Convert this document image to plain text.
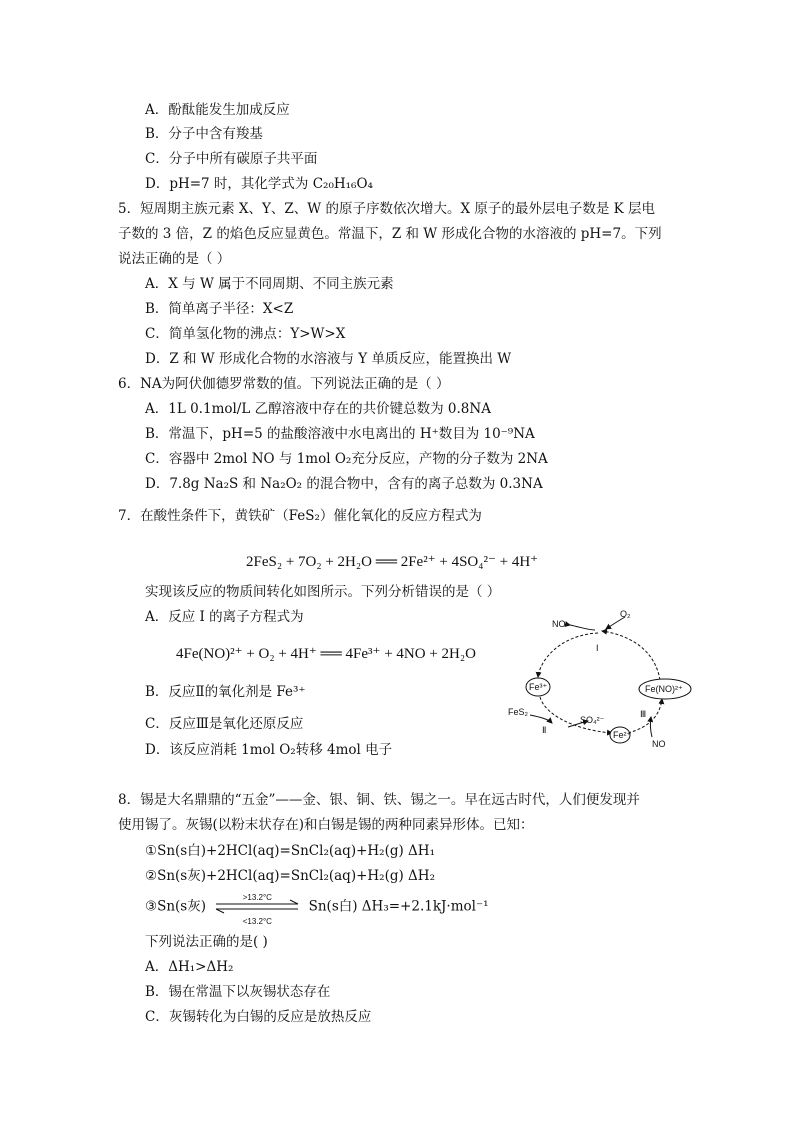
A．酚酞能发生加成反应
B．分子中含有羧基
C．分子中所有碳原子共平面
D．pH=7 时，其化学式为 C₂₀H₁₆O₄
5．短周期主族元素 X、Y、Z、W 的原子序数依次增大。X 原子的最外层电子数是 K 层电
子数的 3 倍，Z 的焰色反应显黄色。常温下，Z 和 W 形成化合物的水溶液的 pH=7。下列
说法正确的是（ ）
A．X 与 W 属于不同周期、不同主族元素
B．简单离子半径：X<Z
C．简单氢化物的沸点：Y>W>X
D．Z 和 W 形成化合物的水溶液与 Y 单质反应，能置换出 W
6．NA为阿伏伽德罗常数的值。下列说法正确的是（ ）
A．1L 0.1mol/L 乙醇溶液中存在的共价键总数为 0.8NA
B．常温下，pH=5 的盐酸溶液中水电离出的 H⁺数目为 10⁻⁹NA
C．容器中 2mol NO 与 1mol O₂充分反应，产物的分子数为 2NA
D．7.8g Na₂S 和 Na₂O₂ 的混合物中，含有的离子总数为 0.3NA
7．在酸性条件下，黄铁矿（FeS₂）催化氧化的反应方程式为
2FeS₂ + 7O₂ + 2H₂O ══ 2Fe²⁺ + 4SO₄²⁻ + 4H⁺
实现该反应的物质间转化如图所示。下列分析错误的是（ ）
A．反应 I 的离子方程式为
4Fe(NO)²⁺ + O₂ + 4H⁺ ══ 4Fe³⁺ + 4NO + 2H₂O
B．反应Ⅱ的氧化剂是 Fe³⁺
C．反应Ⅲ是氧化还原反应
D．该反应消耗 1mol O₂转移 4mol 电子
NO
O₂
I
Fe³⁺	Fe(NO)²⁺
FeS₂
SO₄²⁻
Fe²⁺
Ⅱ
Ⅲ
NO
8．锡是大名鼎鼎的“五金”——金、银、铜、铁、锡之一。早在远古时代，人们便发现并
使用锡了。灰锡(以粉末状存在)和白锡是锡的两种同素异形体。已知：
①Sn(s白)+2HCl(aq)=SnCl₂(aq)+H₂(g) ΔH₁
②Sn(s灰)+2HCl(aq)=SnCl₂(aq)+H₂(g) ΔH₂
③Sn(s灰)
>13.2°C
<13.2°C
Sn(s白) ΔH₃=+2.1kJ·mol⁻¹
下列说法正确的是( )
A．ΔH₁>ΔH₂
B．锡在常温下以灰锡状态存在
C．灰锡转化为白锡的反应是放热反应
